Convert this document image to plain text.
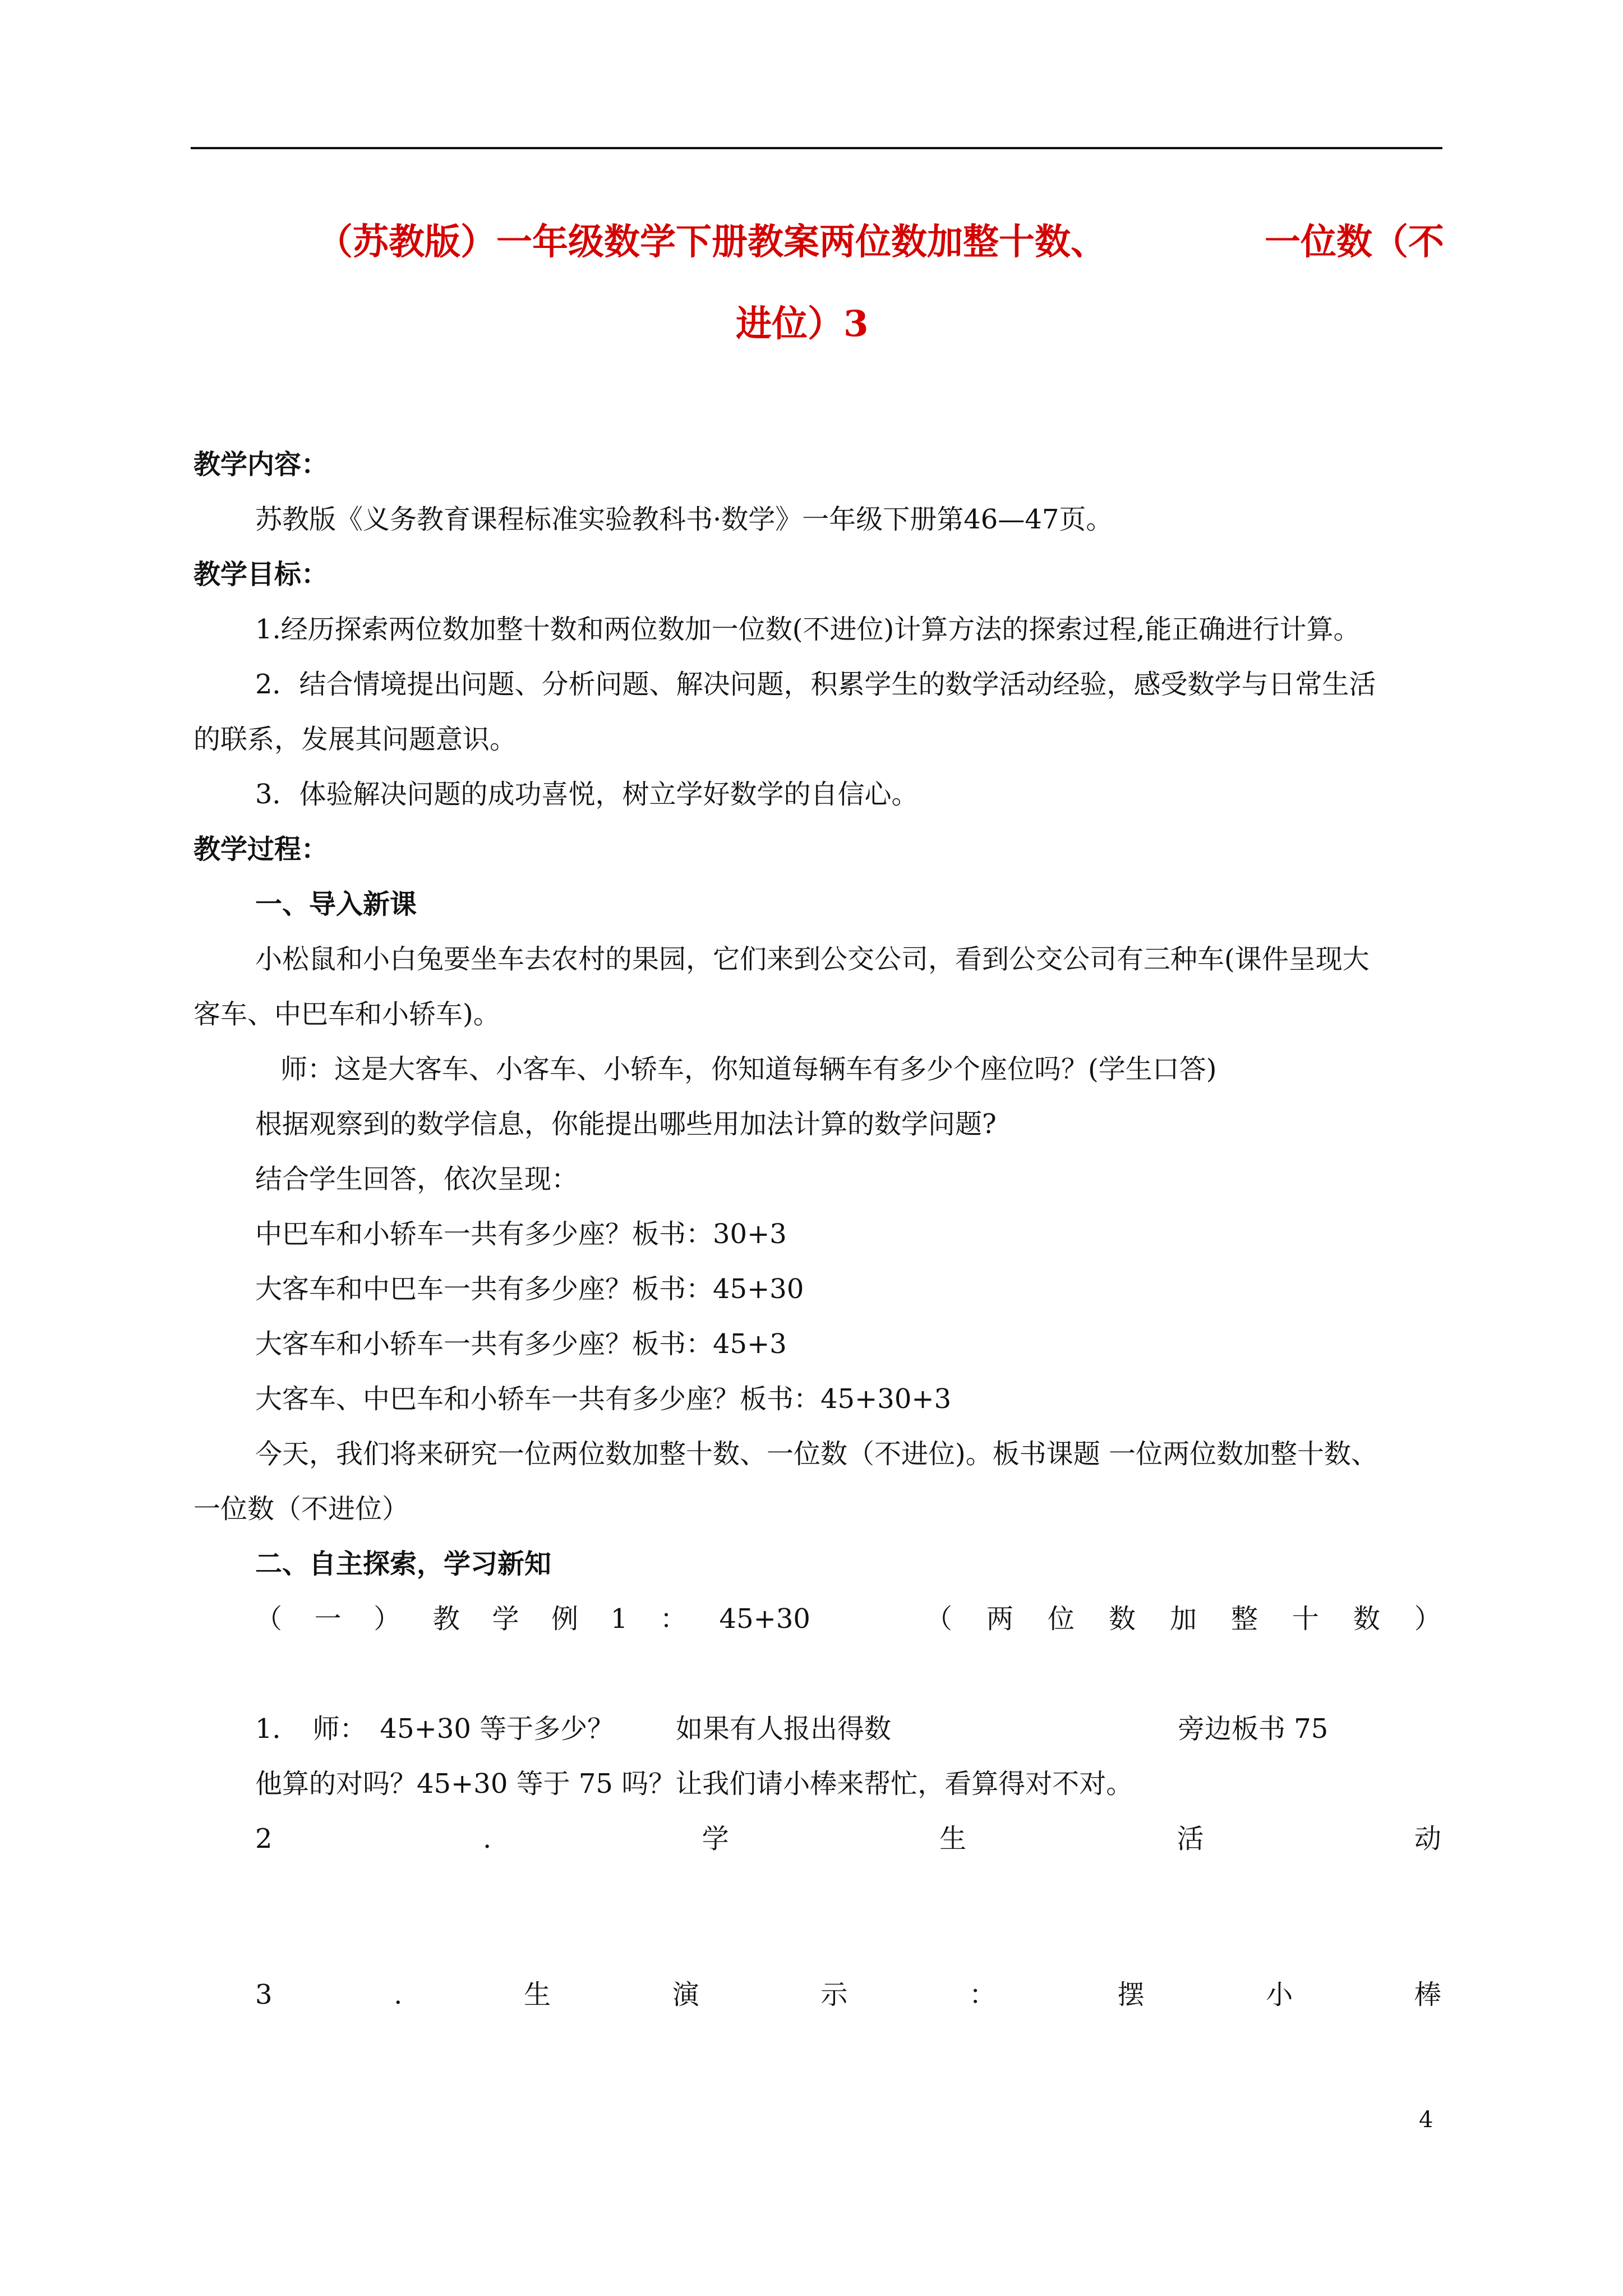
（苏教版）一年级数学下册教案两位数加整十数、	一位数（不
进位）3
教学内容：
苏教版《义务教育课程标准实验教科书·数学》一年级下册第46—47页。
教学目标：
1.经历探索两位数加整十数和两位数加一位数(不进位)计算方法的探索过程,能正确进行计算。
2．结合情境提出问题、分析问题、解决问题，积累学生的数学活动经验，感受数学与日常生活
的联系，发展其问题意识。
3．体验解决问题的成功喜悦，树立学好数学的自信心。
教学过程：
一、导入新课
小松鼠和小白兔要坐车去农村的果园，它们来到公交公司，看到公交公司有三种车(课件呈现大
客车、中巴车和小轿车)。
师：这是大客车、小客车、小轿车，你知道每辆车有多少个座位吗？(学生口答)
根据观察到的数学信息，你能提出哪些用加法计算的数学问题?
结合学生回答，依次呈现：
中巴车和小轿车一共有多少座？板书：30+3
大客车和中巴车一共有多少座？板书：45+30
大客车和小轿车一共有多少座？板书：45+3
大客车、中巴车和小轿车一共有多少座？板书：45+30+3
今天，我们将来研究一位两位数加整十数、一位数（不进位)。板书课题 一位两位数加整十数、
一位数（不进位）
二、自主探索，学习新知
（ 一 ） 教 学 例 1 ： 45+30	（ 两 位 数 加 整 十 数 ）
1．　师：　45+30 等于多少？ 如果有人报出得数	旁边板书 75
他算的对吗？45+30 等于 75 吗？让我们请小棒来帮忙，看算得对不对。
2	.	学	生	活	动
3	.	生	演	示	：	摆	小	棒
4
